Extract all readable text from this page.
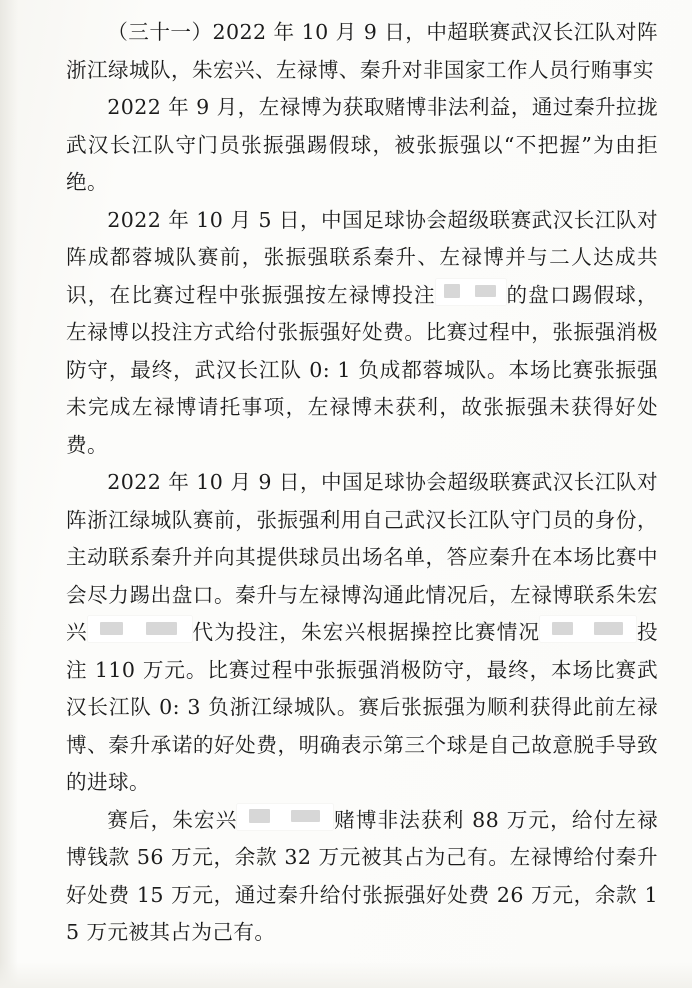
（三十一）2022 年 10 月 9 日，中超联赛武汉长江队对阵浙江绿城队，朱宏兴、左禄博、秦升对非国家工作人员行贿事实

2022 年 9 月，左禄博为获取赌博非法利益，通过秦升拉拢武汉长江队守门员张振强踢假球，被张振强以“不把握”为由拒绝。

2022 年 10 月 5 日，中国足球协会超级联赛武汉长江队对阵成都蓉城队赛前，张振强联系秦升、左禄博并与二人达成共识，在比赛过程中张振强按左禄博投注	的盘口踢假球，左禄博以投注方式给付张振强好处费。比赛过程中，张振强消极防守，最终，武汉长江队 0: 1 负成都蓉城队。本场比赛张振强未完成左禄博请托事项，左禄博未获利，故张振强未获得好处费。

2022 年 10 月 9 日，中国足球协会超级联赛武汉长江队对阵浙江绿城队赛前，张振强利用自己武汉长江队守门员的身份，主动联系秦升并向其提供球员出场名单，答应秦升在本场比赛中会尽力踢出盘口。秦升与左禄博沟通此情况后，左禄博联系朱宏兴	代为投注，朱宏兴根据操控比赛情况	投注 110 万元。比赛过程中张振强消极防守，最终，本场比赛武汉长江队 0: 3 负浙江绿城队。赛后张振强为顺利获得此前左禄博、秦升承诺的好处费，明确表示第三个球是自己故意脱手导致的进球。

赛后，朱宏兴	赌博非法获利 88 万元，给付左禄博钱款 56 万元，余款 32 万元被其占为己有。左禄博给付秦升好处费 15 万元，通过秦升给付张振强好处费 26 万元，余款 15 万元被其占为己有。
